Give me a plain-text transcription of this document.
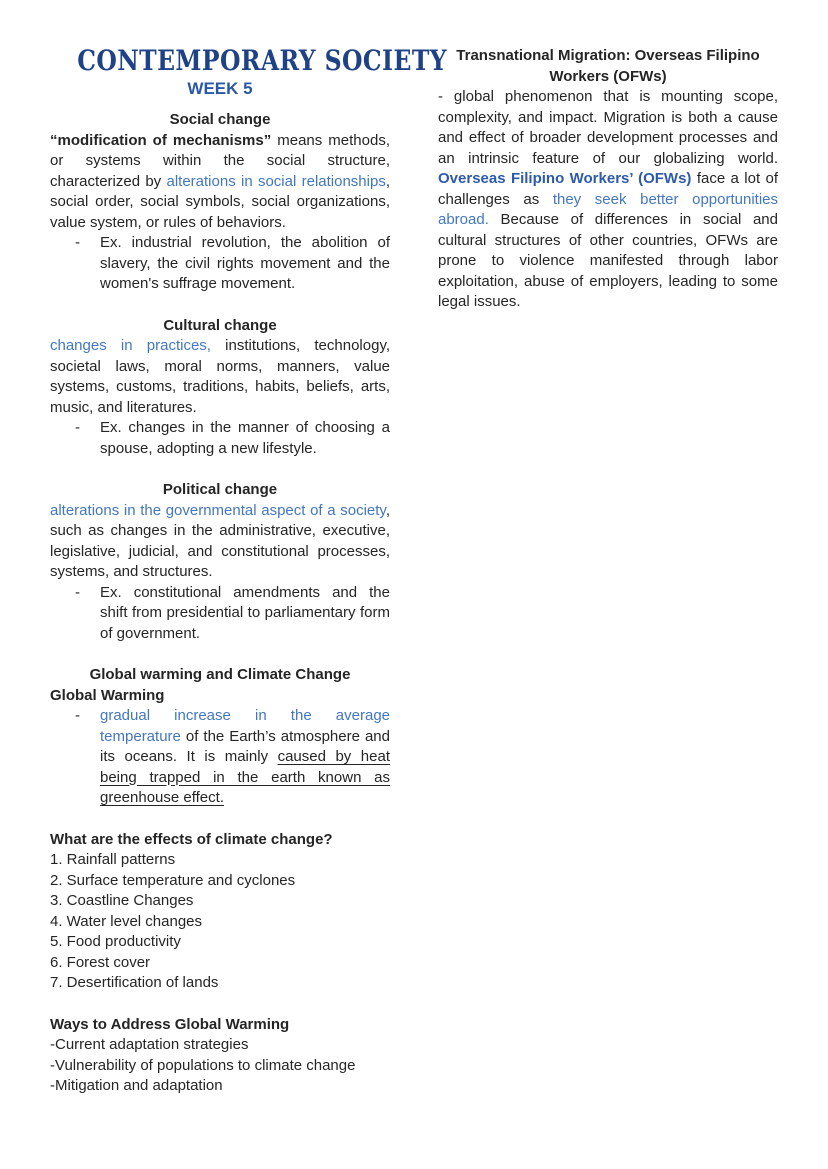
CONTEMPORARY SOCIETY
WEEK 5
Social change

“modification of mechanisms” means methods, or systems within the social structure, characterized by alterations in social relationships, social order, social symbols, social organizations, value system, or rules of behaviors.

- Ex. industrial revolution, the abolition of slavery, the civil rights movement and the women's suffrage movement.
Cultural change

changes in practices, institutions, technology, societal laws, moral norms, manners, value systems, customs, traditions, habits, beliefs, arts, music, and literatures.

- Ex. changes in the manner of choosing a spouse, adopting a new lifestyle.
Political change

alterations in the governmental aspect of a society, such as changes in the administrative, executive, legislative, judicial, and constitutional processes, systems, and structures.

- Ex. constitutional amendments and the shift from presidential to parliamentary form of government.
Global warming and Climate Change
Global Warming
- gradual increase in the average temperature of the Earth’s atmosphere and its oceans. It is mainly caused by heat being trapped in the earth known as greenhouse effect.
What are the effects of climate change?
1. Rainfall patterns
2. Surface temperature and cyclones
3. Coastline Changes
4. Water level changes
5. Food productivity
6. Forest cover
7. Desertification of lands
Ways to Address Global Warming
-Current adaptation strategies
-Vulnerability of populations to climate change
-Mitigation and adaptation
Transnational Migration: Overseas Filipino Workers (OFWs)

- global phenomenon that is mounting scope, complexity, and impact. Migration is both a cause and effect of broader development processes and an intrinsic feature of our globalizing world. Overseas Filipino Workers’ (OFWs) face a lot of challenges as they seek better opportunities abroad. Because of differences in social and cultural structures of other countries, OFWs are prone to violence manifested through labor exploitation, abuse of employers, leading to some legal issues.
